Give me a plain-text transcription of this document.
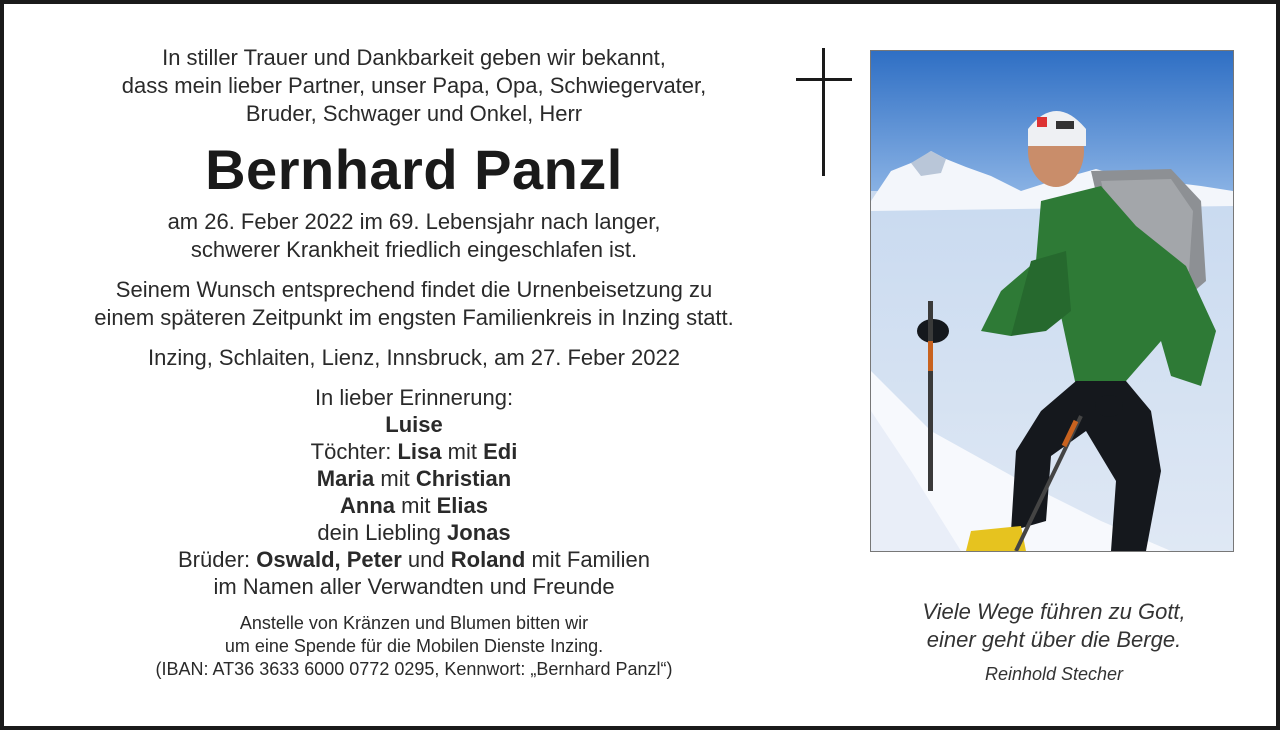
In stiller Trauer und Dankbarkeit geben wir bekannt,

dass mein lieber Partner, unser Papa, Opa, Schwiegervater,

Bruder, Schwager und Onkel, Herr

Bernhard Panzl

am 26. Feber 2022 im 69. Lebensjahr nach langer,

schwerer Krankheit friedlich eingeschlafen ist.

Seinem Wunsch entsprechend findet die Urnenbeisetzung zu

einem späteren Zeitpunkt im engsten Familienkreis in Inzing statt.

Inzing, Schlaiten, Lienz, Innsbruck, am 27. Feber 2022

In lieber Erinnerung:

Luise

Töchter: Lisa mit Edi

Maria mit Christian

Anna mit Elias

dein Liebling Jonas

Brüder: Oswald, Peter und Roland mit Familien

im Namen aller Verwandten und Freunde

Anstelle von Kränzen und Blumen bitten wir

um eine Spende für die Mobilen Dienste Inzing.

(IBAN: AT36 3633 6000 0772 0295, Kennwort: „Bernhard Panzl“)

Viele Wege führen zu Gott,

einer geht über die Berge.

Reinhold Stecher
